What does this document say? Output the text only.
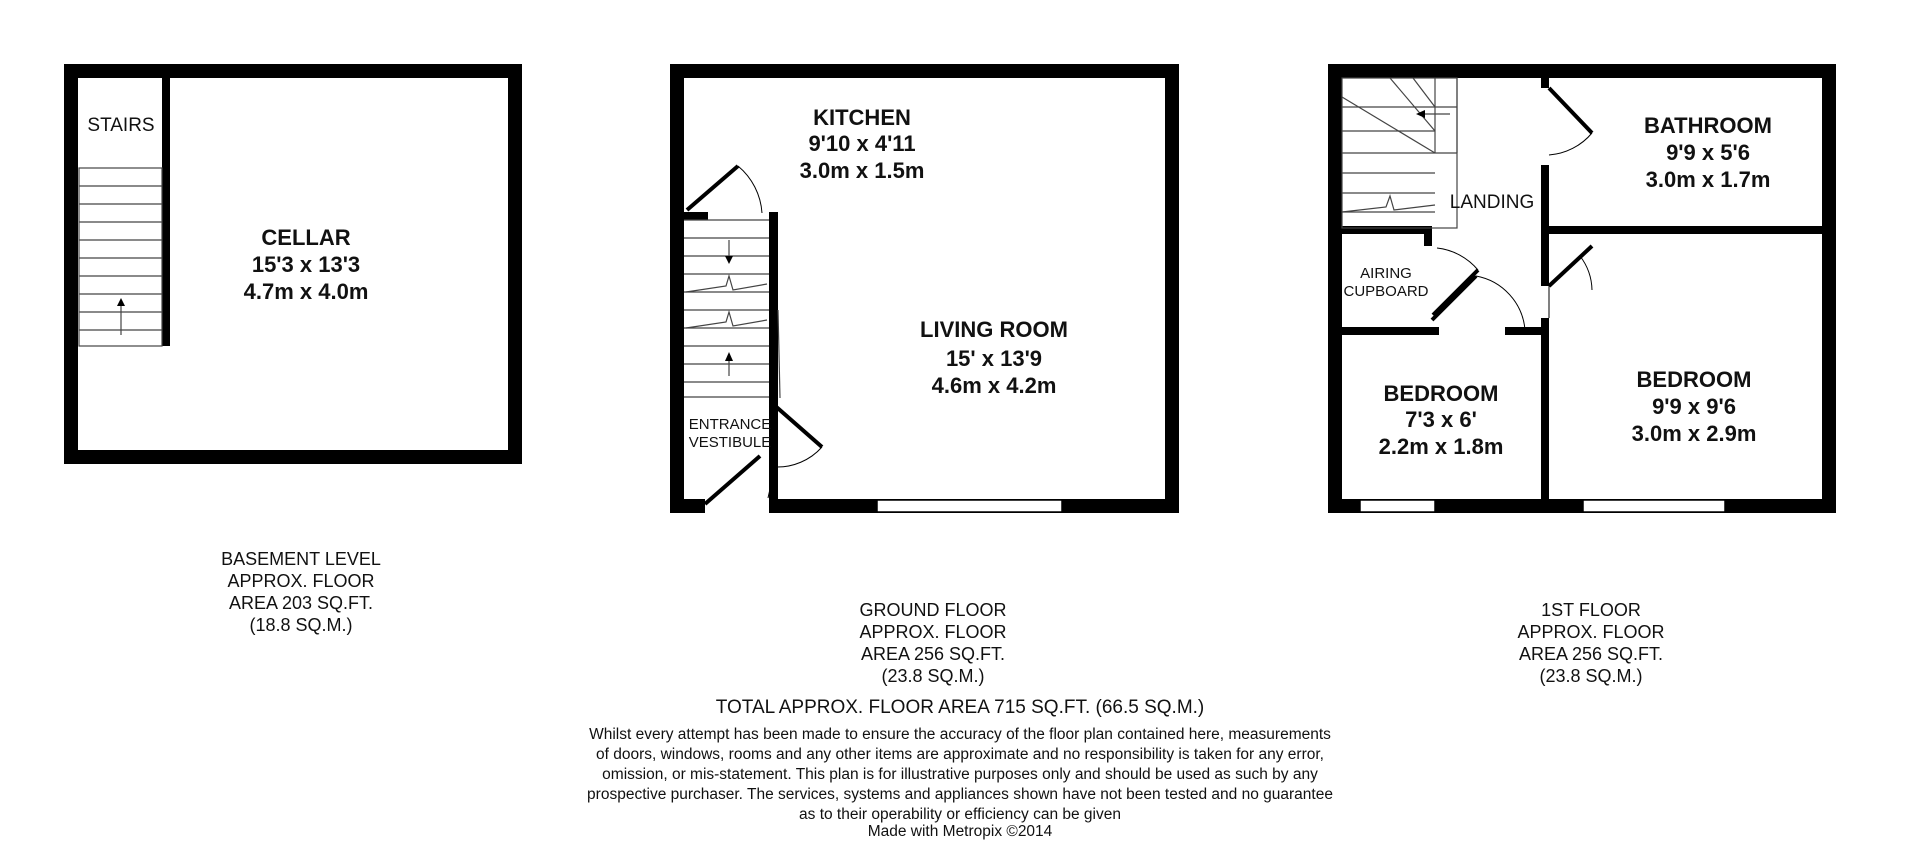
STAIRS
CELLAR
15'3 x 13'3
4.7m x 4.0m
KITCHEN
9'10 x 4'11
3.0m x 1.5m
LIVING ROOM
15' x 13'9
4.6m x 4.2m
ENTRANCE
VESTIBULE
BATHROOM
9'9 x 5'6
3.0m x 1.7m
LANDING
AIRING
CUPBOARD
BEDROOM
7'3 x 6'
2.2m x 1.8m
BEDROOM
9'9 x 9'6
3.0m x 2.9m
BASEMENT LEVEL
APPROX. FLOOR
AREA 203 SQ.FT.
(18.8 SQ.M.)
GROUND FLOOR
APPROX. FLOOR
AREA 256 SQ.FT.
(23.8 SQ.M.)
1ST FLOOR
APPROX. FLOOR
AREA 256 SQ.FT.
(23.8 SQ.M.)
TOTAL APPROX. FLOOR AREA 715 SQ.FT. (66.5 SQ.M.)
Whilst every attempt has been made to ensure the accuracy of the floor plan contained here, measurements
of doors, windows, rooms and any other items are approximate and no responsibility is taken for any error,
omission, or mis-statement. This plan is for illustrative purposes only and should be used as such by any
prospective purchaser. The services, systems and appliances shown have not been tested and no guarantee
as to their operability or efficiency can be given
Made with Metropix ©2014
